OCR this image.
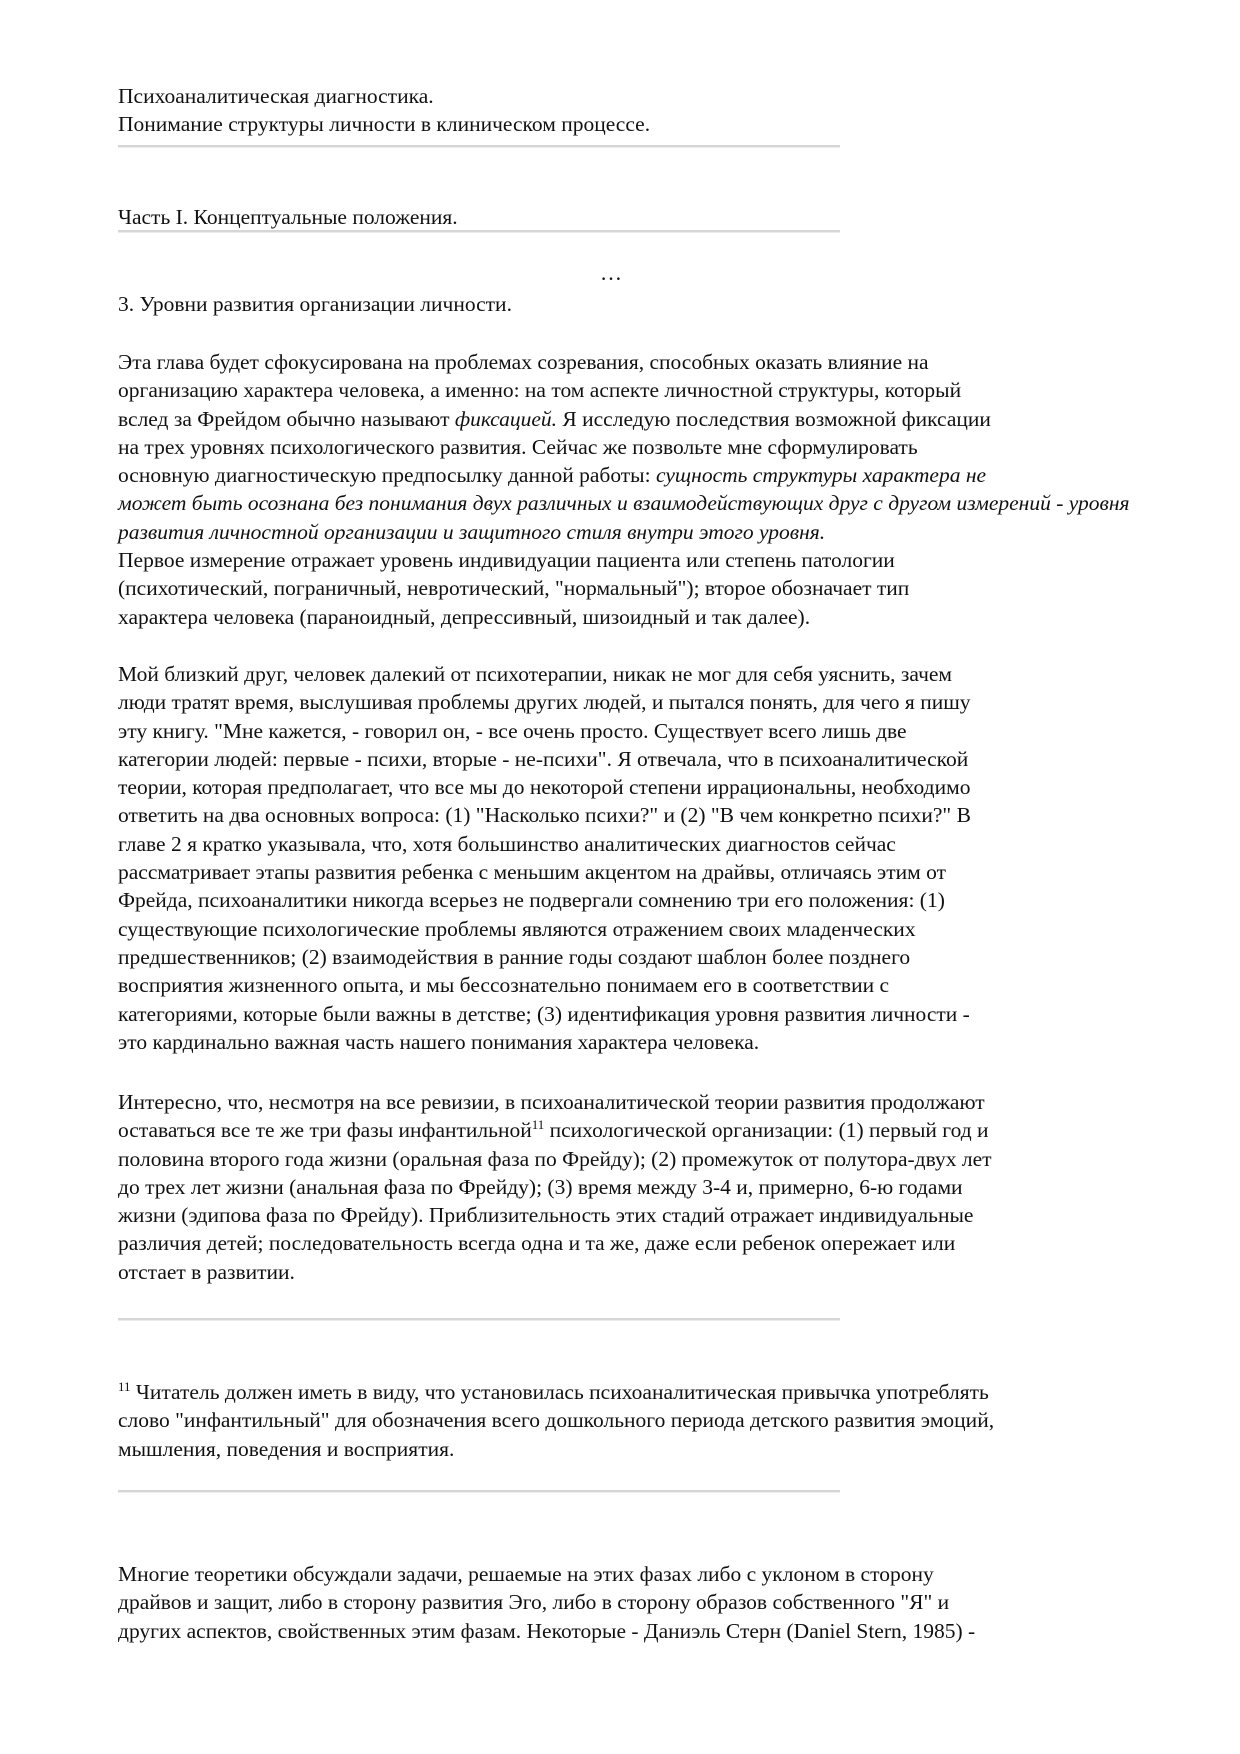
Психоаналитическая диагностика.

Понимание структуры личности в клиническом процессе.

Часть I. Концептуальные положения.

…

3. Уровни развития организации личности.

Эта глава будет сфокусирована на проблемах созревания, способных оказать влияние на
организацию характера человека, а именно: на том аспекте личностной структуры, который
вслед за Фрейдом обычно называют фиксацией. Я исследую последствия возможной фиксации
на трех уровнях психологического развития. Сейчас же позвольте мне сформулировать
основную диагностическую предпосылку данной работы: сущность структуры характера не
может быть осознана без понимания двух различных и взаимодействующих друг с другом измерений - уровня развития личностной организации и защитного стиля внутри этого уровня.
Первое измерение отражает уровень индивидуации пациента или степень патологии
(психотический, пограничный, невротический, "нормальный"); второе обозначает тип
характера человека (параноидный, депрессивный, шизоидный и так далее).
Мой близкий друг, человек далекий от психотерапии, никак не мог для себя уяснить, зачем
люди тратят время, выслушивая проблемы других людей, и пытался понять, для чего я пишу
эту книгу. "Мне кажется, - говорил он, - все очень просто. Существует всего лишь две
категории людей: первые - психи, вторые - не-психи". Я отвечала, что в психоаналитической
теории, которая предполагает, что все мы до некоторой степени иррациональны, необходимо
ответить на два основных вопроса: (1) "Насколько психи?" и (2) "В чем конкретно психи?" В
главе 2 я кратко указывала, что, хотя большинство аналитических диагностов сейчас
рассматривает этапы развития ребенка с меньшим акцентом на драйвы, отличаясь этим от
Фрейда, психоаналитики никогда всерьез не подвергали сомнению три его положения: (1)
существующие психологические проблемы являются отражением своих младенческих
предшественников; (2) взаимодействия в ранние годы создают шаблон более позднего
восприятия жизненного опыта, и мы бессознательно понимаем его в соответствии с
категориями, которые были важны в детстве; (3) идентификация уровня развития личности -
это кардинально важная часть нашего понимания характера человека.
Интересно, что, несмотря на все ревизии, в психоаналитической теории развития продолжают
оставаться все те же три фазы инфантильной$^{11}$ психологической организации: (1) первый год и
половина второго года жизни (оральная фаза по Фрейду); (2) промежуток от полутора-двух лет
до трех лет жизни (анальная фаза по Фрейду); (3) время между 3-4 и, примерно, 6-ю годами
жизни (эдипова фаза по Фрейду). Приблизительность этих стадий отражает индивидуальные
различия детей; последовательность всегда одна и та же, даже если ребенок опережает или
отстает в развитии.
$^{11}$ Читатель должен иметь в виду, что установилась психоаналитическая привычка употреблять
слово "инфантильный" для обозначения всего дошкольного периода детского развития эмоций,
мышления, поведения и восприятия.
Многие теоретики обсуждали задачи, решаемые на этих фазах либо с уклоном в сторону
драйвов и защит, либо в сторону развития Эго, либо в сторону образов собственного "Я" и
других аспектов, свойственных этим фазам. Некоторые - Даниэль Стерн (Daniel Stern, 1985) -
